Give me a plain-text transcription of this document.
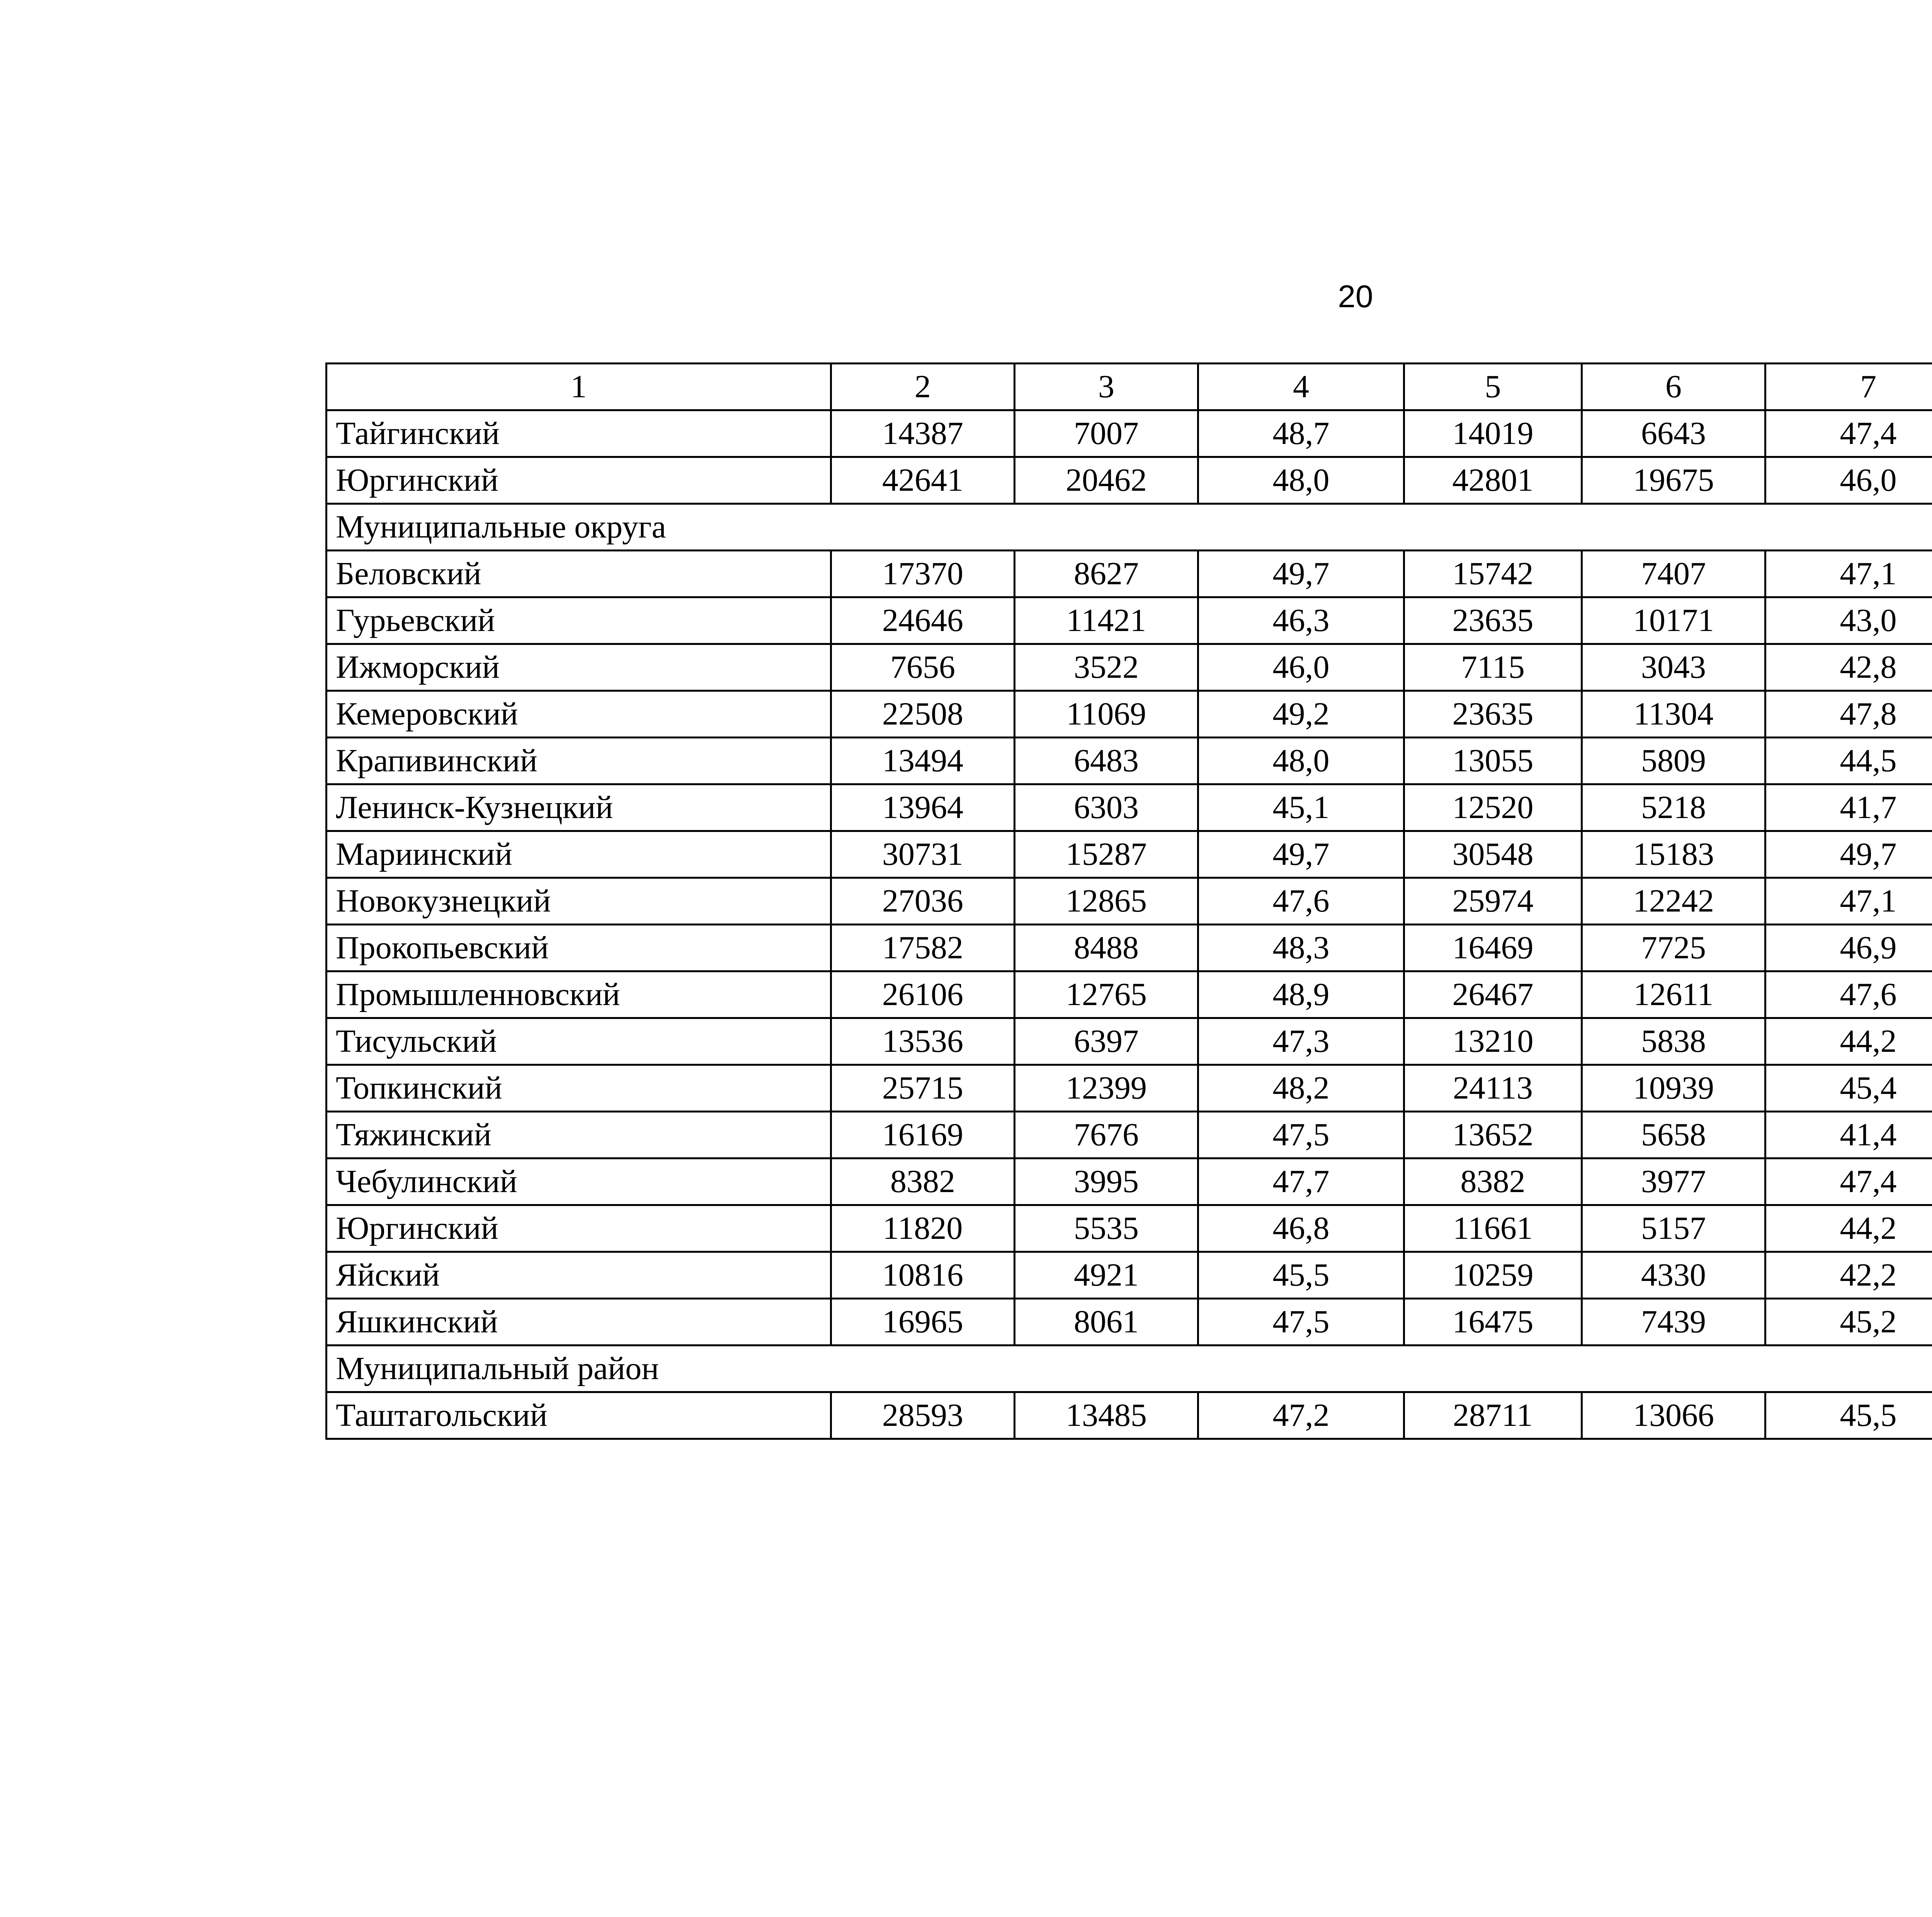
20
1	2	3	4	5	6	7			
Тайгинский	14387	7007	48,7	14019	6643	47,4			
Юргинский	42641	20462	48,0	42801	19675	46,0			
Муниципальные округа									
Беловский	17370	8627	49,7	15742	7407	47,1			
Гурьевский	24646	11421	46,3	23635	10171	43,0			
Ижморский	7656	3522	46,0	7115	3043	42,8			
Кемеровский	22508	11069	49,2	23635	11304	47,8			
Крапивинский	13494	6483	48,0	13055	5809	44,5			
Ленинск-Кузнецкий	13964	6303	45,1	12520	5218	41,7			
Мариинский	30731	15287	49,7	30548	15183	49,7			
Новокузнецкий	27036	12865	47,6	25974	12242	47,1			
Прокопьевский	17582	8488	48,3	16469	7725	46,9			
Промышленновский	26106	12765	48,9	26467	12611	47,6			
Тисульский	13536	6397	47,3	13210	5838	44,2			
Топкинский	25715	12399	48,2	24113	10939	45,4			
Тяжинский	16169	7676	47,5	13652	5658	41,4			
Чебулинский	8382	3995	47,7	8382	3977	47,4			
Юргинский	11820	5535	46,8	11661	5157	44,2			
Яйский	10816	4921	45,5	10259	4330	42,2			
Яшкинский	16965	8061	47,5	16475	7439	45,2			
Муниципальный район									
Таштагольский	28593	13485	47,2	28711	13066	45,5			
